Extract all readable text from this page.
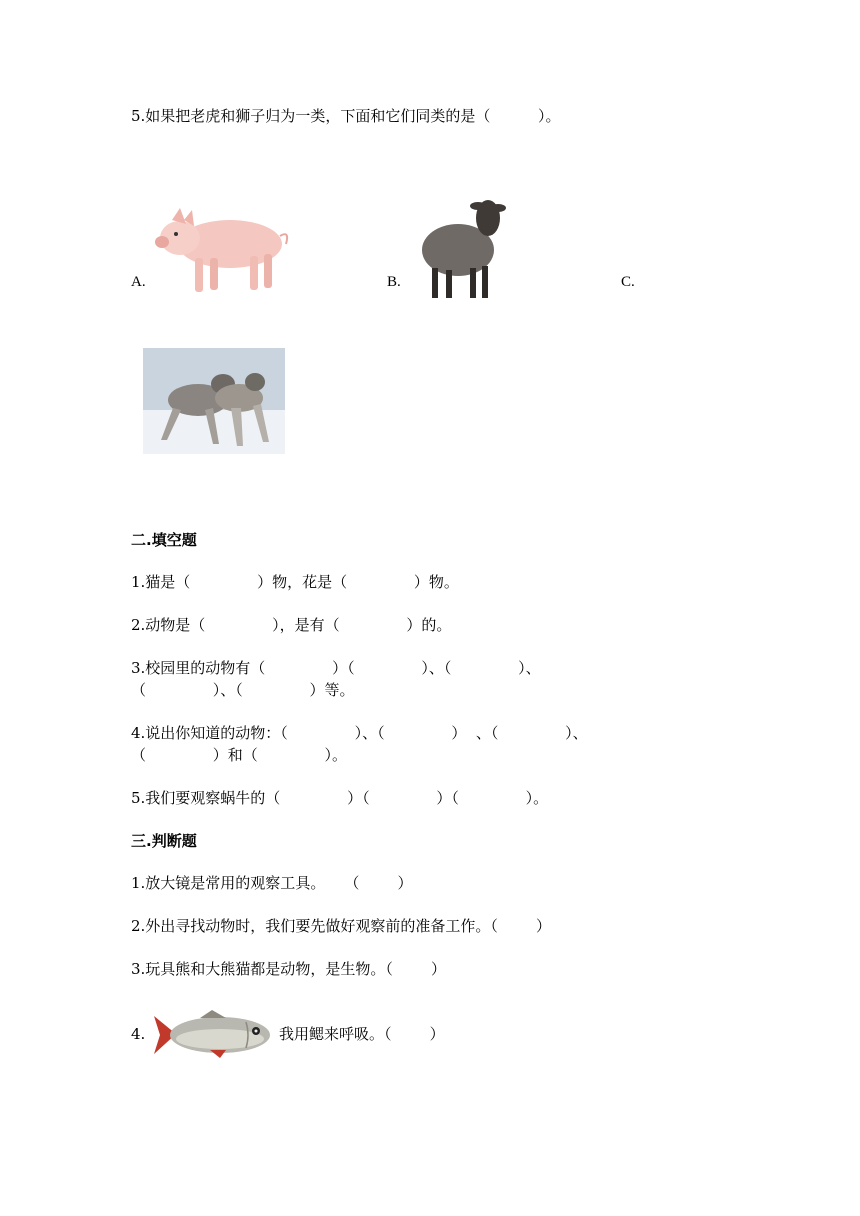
5.如果把老虎和狮子归为一类，下面和它们同类的是（          ）。
A.	B.	C.
二.填空题
1.猫是（              ）物，花是（              ）物。
2.动物是（              ），是有（              ）的。
3.校园里的动物有（              ）（              ）、（              ）、
（              ）、（              ）等。
4.说出你知道的动物：（              ）、（              ）  、（              ）、
（              ）和（              ）。
5.我们要观察蜗牛的（              ）（              ）（              ）。
三.判断题
1.放大镜是常用的观察工具。    （        ）
2.外出寻找动物时，我们要先做好观察前的准备工作。（        ）
3.玩具熊和大熊猫都是动物，是生物。（        ）
4.	我用鳃来呼吸。（        ）
